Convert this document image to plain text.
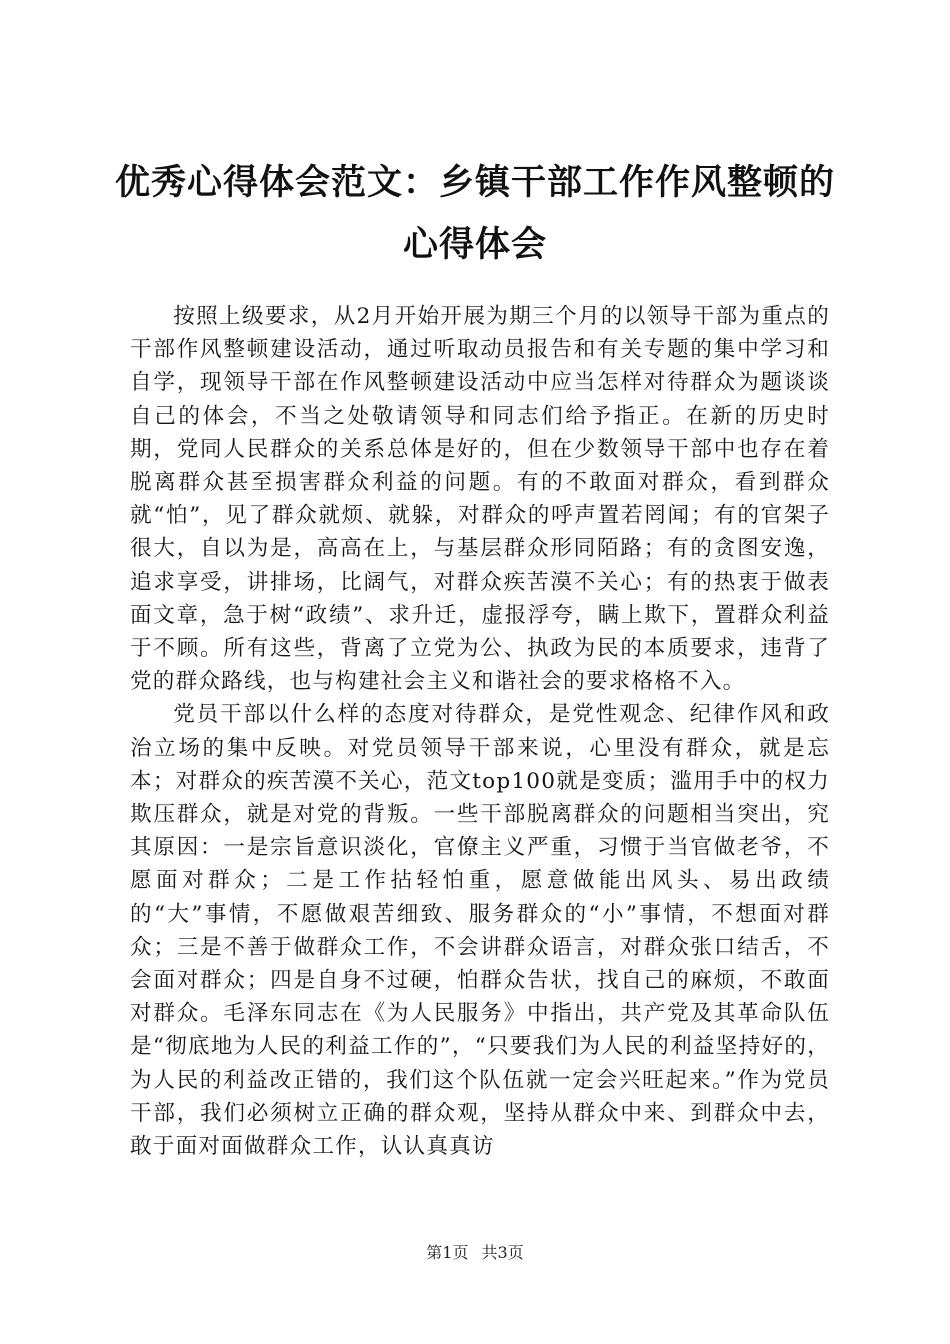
优秀心得体会范文：乡镇干部工作作风整顿的
心得体会

按照上级要求，从2月开始开展为期三个月的以领导干部为重点的干部作风整顿建设活动，通过听取动员报告和有关专题的集中学习和自学，现领导干部在作风整顿建设活动中应当怎样对待群众为题谈谈自己的体会，不当之处敬请领导和同志们给予指正。在新的历史时期，党同人民群众的关系总体是好的，但在少数领导干部中也存在着脱离群众甚至损害群众利益的问题。有的不敢面对群众，看到群众就“怕”，见了群众就烦、就躲，对群众的呼声置若罔闻；有的官架子很大，自以为是，高高在上，与基层群众形同陌路；有的贪图安逸，追求享受，讲排场，比阔气，对群众疾苦漠不关心；有的热衷于做表面文章，急于树“政绩”、求升迁，虚报浮夸，瞒上欺下，置群众利益于不顾。所有这些，背离了立党为公、执政为民的本质要求，违背了党的群众路线，也与构建社会主义和谐社会的要求格格不入。

党员干部以什么样的态度对待群众，是党性观念、纪律作风和政治立场的集中反映。对党员领导干部来说，心里没有群众，就是忘本；对群众的疾苦漠不关心，范文top100就是变质；滥用手中的权力欺压群众，就是对党的背叛。一些干部脱离群众的问题相当突出，究其原因：一是宗旨意识淡化，官僚主义严重，习惯于当官做老爷，不愿面对群众；二是工作拈轻怕重，愿意做能出风头、易出政绩的“大”事情，不愿做艰苦细致、服务群众的“小”事情，不想面对群众；三是不善于做群众工作，不会讲群众语言，对群众张口结舌，不会面对群众；四是自身不过硬，怕群众告状，找自己的麻烦，不敢面对群众。毛泽东同志在《为人民服务》中指出，共产党及其革命队伍是“彻底地为人民的利益工作的”，“只要我们为人民的利益坚持好的，为人民的利益改正错的，我们这个队伍就一定会兴旺起来。”作为党员干部，我们必须树立正确的群众观，坚持从群众中来、到群众中去，敢于面对面做群众工作，认认真真访

第1页 共3页
